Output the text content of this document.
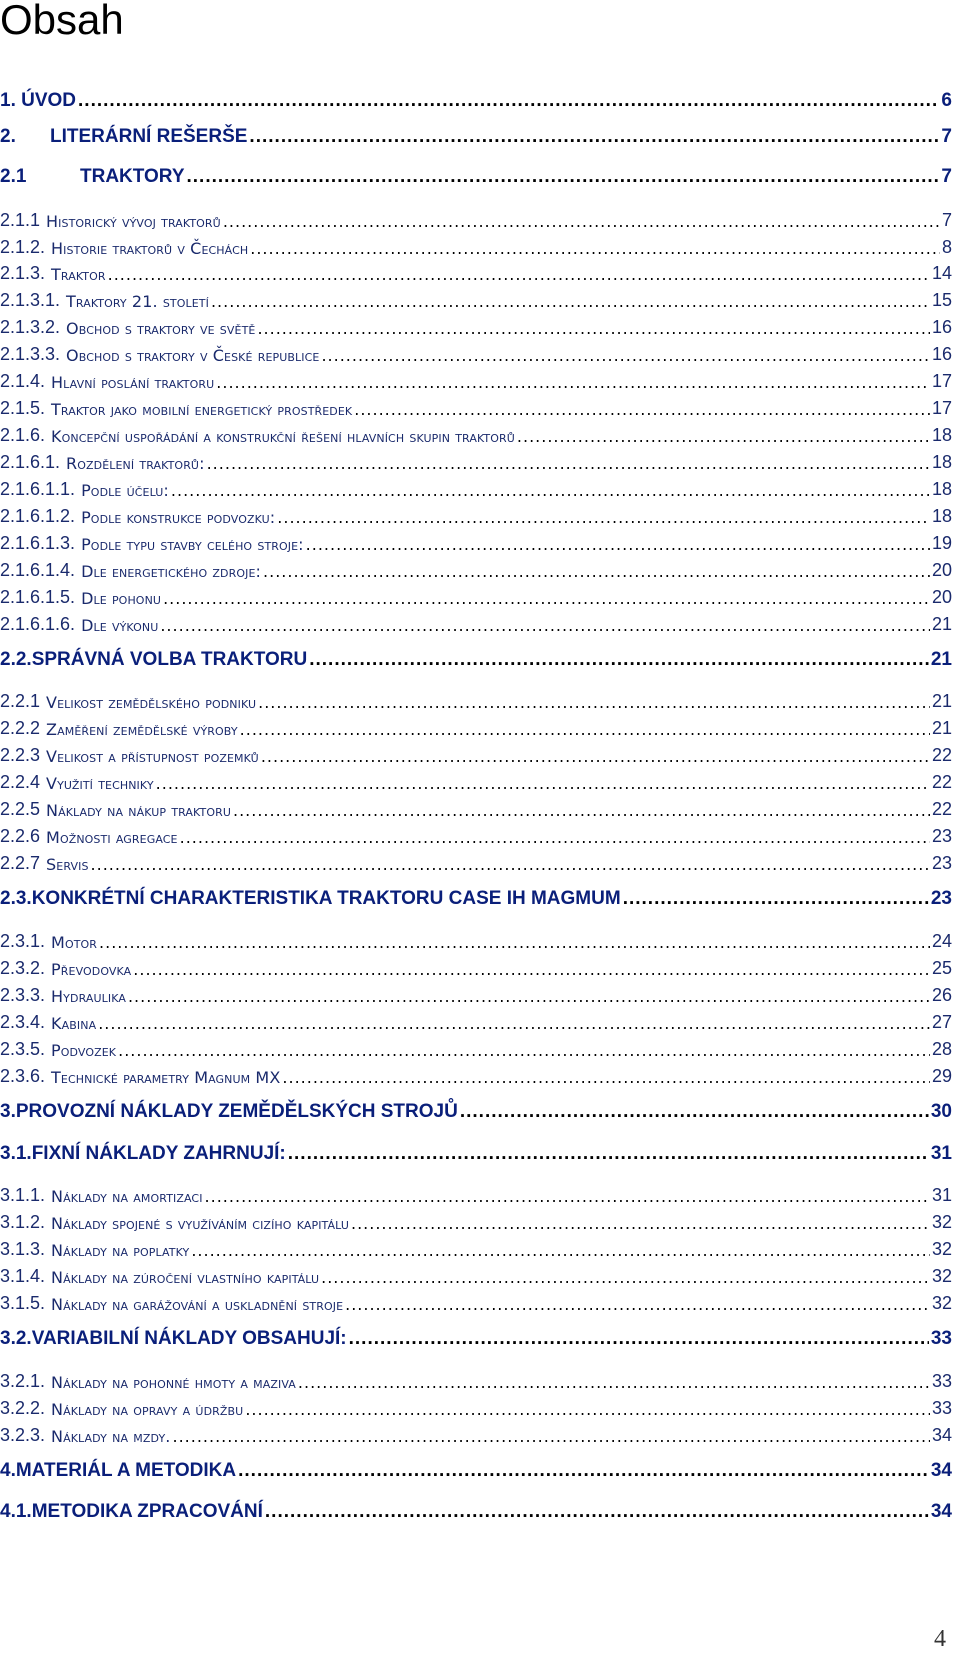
Obsah
1. ÚVOD .....	6
2.	LITERÁRNÍ REŠERŠE .....	7
2.1	TRAKTORY .....	7
2.1.1 Historický vývoj traktorů .....	7
2.1.2. Historie traktorů v Čechách .....	8
2.1.3. Traktor .....	14
2.1.3.1. Traktory 21. století .....	15
2.1.3.2. Obchod s traktory ve světě .....	16
2.1.3.3. Obchod s traktory v České republice .....	16
2.1.4. Hlavní poslání traktoru .....	17
2.1.5. Traktor jako mobilní energetický prostředek .....	17
2.1.6. Koncepční uspořádání a konstrukční řešení hlavních skupin traktorů .....	18
2.1.6.1. Rozdělení traktorů: .....	18
2.1.6.1.1. Podle účelu: .....	18
2.1.6.1.2. Podle konstrukce podvozku: .....	18
2.1.6.1.3. Podle typu stavby celého stroje: .....	19
2.1.6.1.4. Dle energetického zdroje: .....	20
2.1.6.1.5. Dle pohonu .....	20
2.1.6.1.6. Dle výkonu .....	21
2.2. SPRÁVNÁ VOLBA TRAKTORU .....	21
2.2.1 Velikost zemědělského podniku .....	21
2.2.2 Zaměření zemědělské výroby .....	21
2.2.3 Velikost a přístupnost pozemků .....	22
2.2.4 Využití techniky .....	22
2.2.5 Náklady na nákup traktoru .....	22
2.2.6 Možnosti agregace .....	23
2.2.7 Servis .....	23
2.3. KONKRÉTNÍ CHARAKTERISTIKA TRAKTORU CASE IH MAGMUM .....	23
2.3.1. Motor .....	24
2.3.2. Převodovka .....	25
2.3.3. Hydraulika .....	26
2.3.4. Kabina .....	27
2.3.5. Podvozek .....	28
2.3.6. Technické parametry Magnum MX .....	29
3. PROVOZNÍ NÁKLADY ZEMĚDĚLSKÝCH STROJŮ .....	30
3.1. FIXNÍ NÁKLADY ZAHRNUJÍ: .....	31
3.1.1. Náklady na amortizaci .....	31
3.1.2. Náklady spojené s využíváním cizího kapitálu .....	32
3.1.3. Náklady na poplatky .....	32
3.1.4. Náklady na zúročení vlastního kapitálu .....	32
3.1.5. Náklady na garážování a uskladnění stroje .....	32
3.2. VARIABILNÍ NÁKLADY OBSAHUJÍ: .....	33
3.2.1. Náklady na pohonné hmoty a maziva .....	33
3.2.2. Náklady na opravy a údržbu .....	33
3.2.3. Náklady na mzdy. .....	34
4. MATERIÁL A METODIKA .....	34
4.1. METODIKA ZPRACOVÁNÍ .....	34
4
